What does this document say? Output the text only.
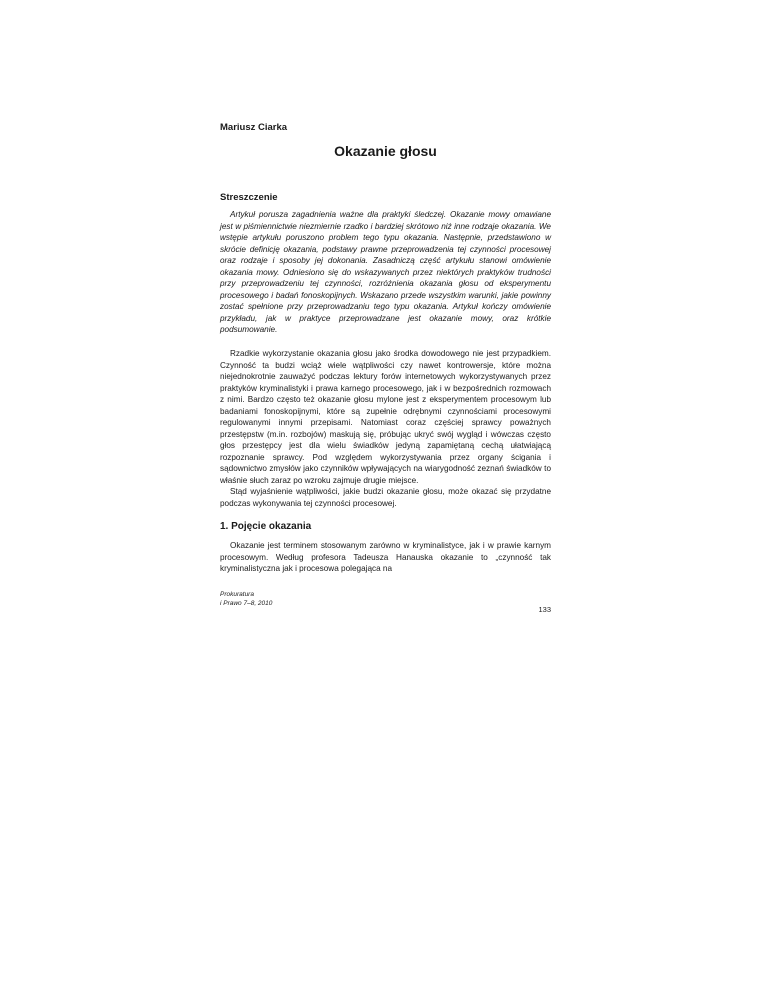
Mariusz Ciarka

Okazanie głosu
Streszczenie

Artykuł porusza zagadnienia ważne dla praktyki śledczej. Okazanie mowy omawiane jest w piśmiennictwie niezmiernie rzadko i bardziej skrótowo niż inne rodzaje okazania. We wstępie artykułu poruszono problem tego typu okazania. Następnie, przedstawiono w skrócie definicję okazania, podstawy prawne przeprowadzenia tej czynności procesowej oraz rodzaje i sposoby jej dokonania. Zasadniczą część artykułu stanowi omówienie okazania mowy. Odniesiono się do wskazywanych przez niektórych praktyków trudności przy przeprowadzeniu tej czynności, rozróżnienia okazania głosu od eksperymentu procesowego i badań fonoskopijnych. Wskazano przede wszystkim warunki, jakie powinny zostać spełnione przy przeprowadzaniu tego typu okazania. Artykuł kończy omówienie przykładu, jak w praktyce przeprowadzane jest okazanie mowy, oraz krótkie podsumowanie.

Rzadkie wykorzystanie okazania głosu jako środka dowodowego nie jest przypadkiem. Czynność ta budzi wciąż wiele wątpliwości czy nawet kontrowersje, które można niejednokrotnie zauważyć podczas lektury forów internetowych wykorzystywanych przez praktyków kryminalistyki i prawa karnego procesowego, jak i w bezpośrednich rozmowach z nimi. Bardzo często też okazanie głosu mylone jest z eksperymentem procesowym lub badaniami fonoskopijnymi, które są zupełnie odrębnymi czynnościami procesowymi regulowanymi innymi przepisami. Natomiast coraz częściej sprawcy poważnych przestępstw (m.in. rozbojów) maskują się, próbując ukryć swój wygląd i wówczas często głos przestępcy jest dla wielu świadków jedyną zapamiętaną cechą ułatwiającą rozpoznanie sprawcy. Pod względem wykorzystywania przez organy ścigania i sądownictwo zmysłów jako czynników wpływających na wiarygodność zeznań świadków to właśnie słuch zaraz po wzroku zajmuje drugie miejsce.

Stąd wyjaśnienie wątpliwości, jakie budzi okazanie głosu, może okazać się przydatne podczas wykonywania tej czynności procesowej.

1. Pojęcie okazania

Okazanie jest terminem stosowanym zarówno w kryminalistyce, jak i w prawie karnym procesowym. Według profesora Tadeusza Hanauska okazanie to „czynność tak kryminalistyczna jak i procesowa polegająca na

Prokuratura
i Prawo 7–8, 2010
133
